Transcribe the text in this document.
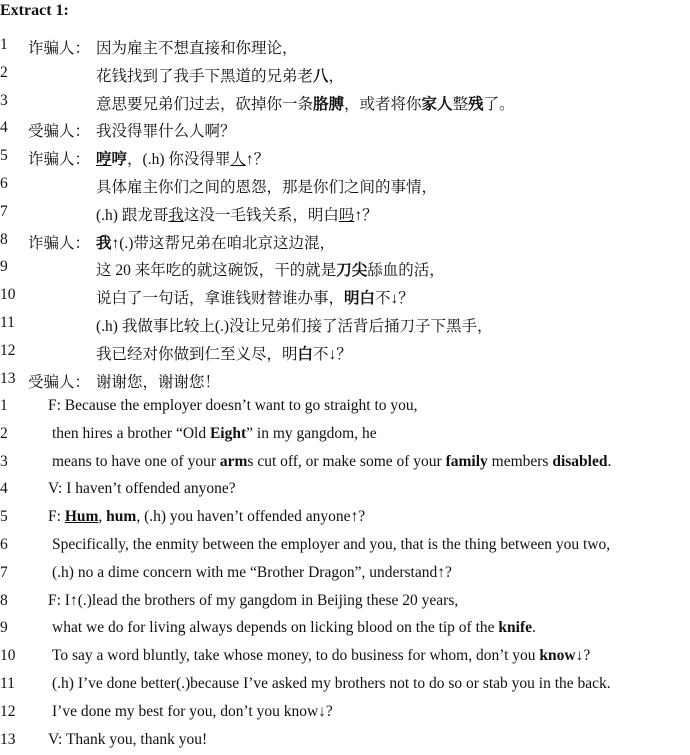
Extract 1:
1 诈骗人： 因为雇主不想直接和你理论，
2	花钱找到了我手下黑道的兄弟老八，
3	意思要兄弟们过去，砍掉你一条胳膊，或者将你家人整残了。
4 受骗人： 我没得罪什么人啊？
5 诈骗人： 哼哼，(.h) 你没得罪人↑？
6	具体雇主你们之间的恩怨，那是你们之间的事情，
7	(.h) 跟龙哥我这没一毛钱关系，明白吗↑？
8 诈骗人： 我↑(.)带这帮兄弟在咱北京这边混，
9	这 20 来年吃的就这碗饭，干的就是刀尖舔血的活，
10	说白了一句话，拿谁钱财替谁办事，明白不↓？
11	(.h) 我做事比较上(.)没让兄弟们接了活背后捅刀子下黑手，
12	我已经对你做到仁至义尽，明白不↓？
13 受骗人： 谢谢您，谢谢您！
1	F: Because the employer doesn’t want to go straight to you,
2	then hires a brother “Old Eight” in my gangdom, he
3	means to have one of your arms cut off, or make some of your family members disabled.
4	V: I haven’t offended anyone?
5	F: Hum, hum, (.h) you haven’t offended anyone↑?
6	Specifically, the enmity between the employer and you, that is the thing between you two,
7	(.h) no a dime concern with me “Brother Dragon”, understand↑?
8	F: I↑(.)lead the brothers of my gangdom in Beijing these 20 years,
9	what we do for living always depends on licking blood on the tip of the knife.
10 To say a word bluntly, take whose money, to do business for whom, don’t you know↓?
11 (.h) I’ve done better(.)because I’ve asked my brothers not to do so or stab you in the back.
12 I’ve done my best for you, don’t you know↓?
13 V: Thank you, thank you!
